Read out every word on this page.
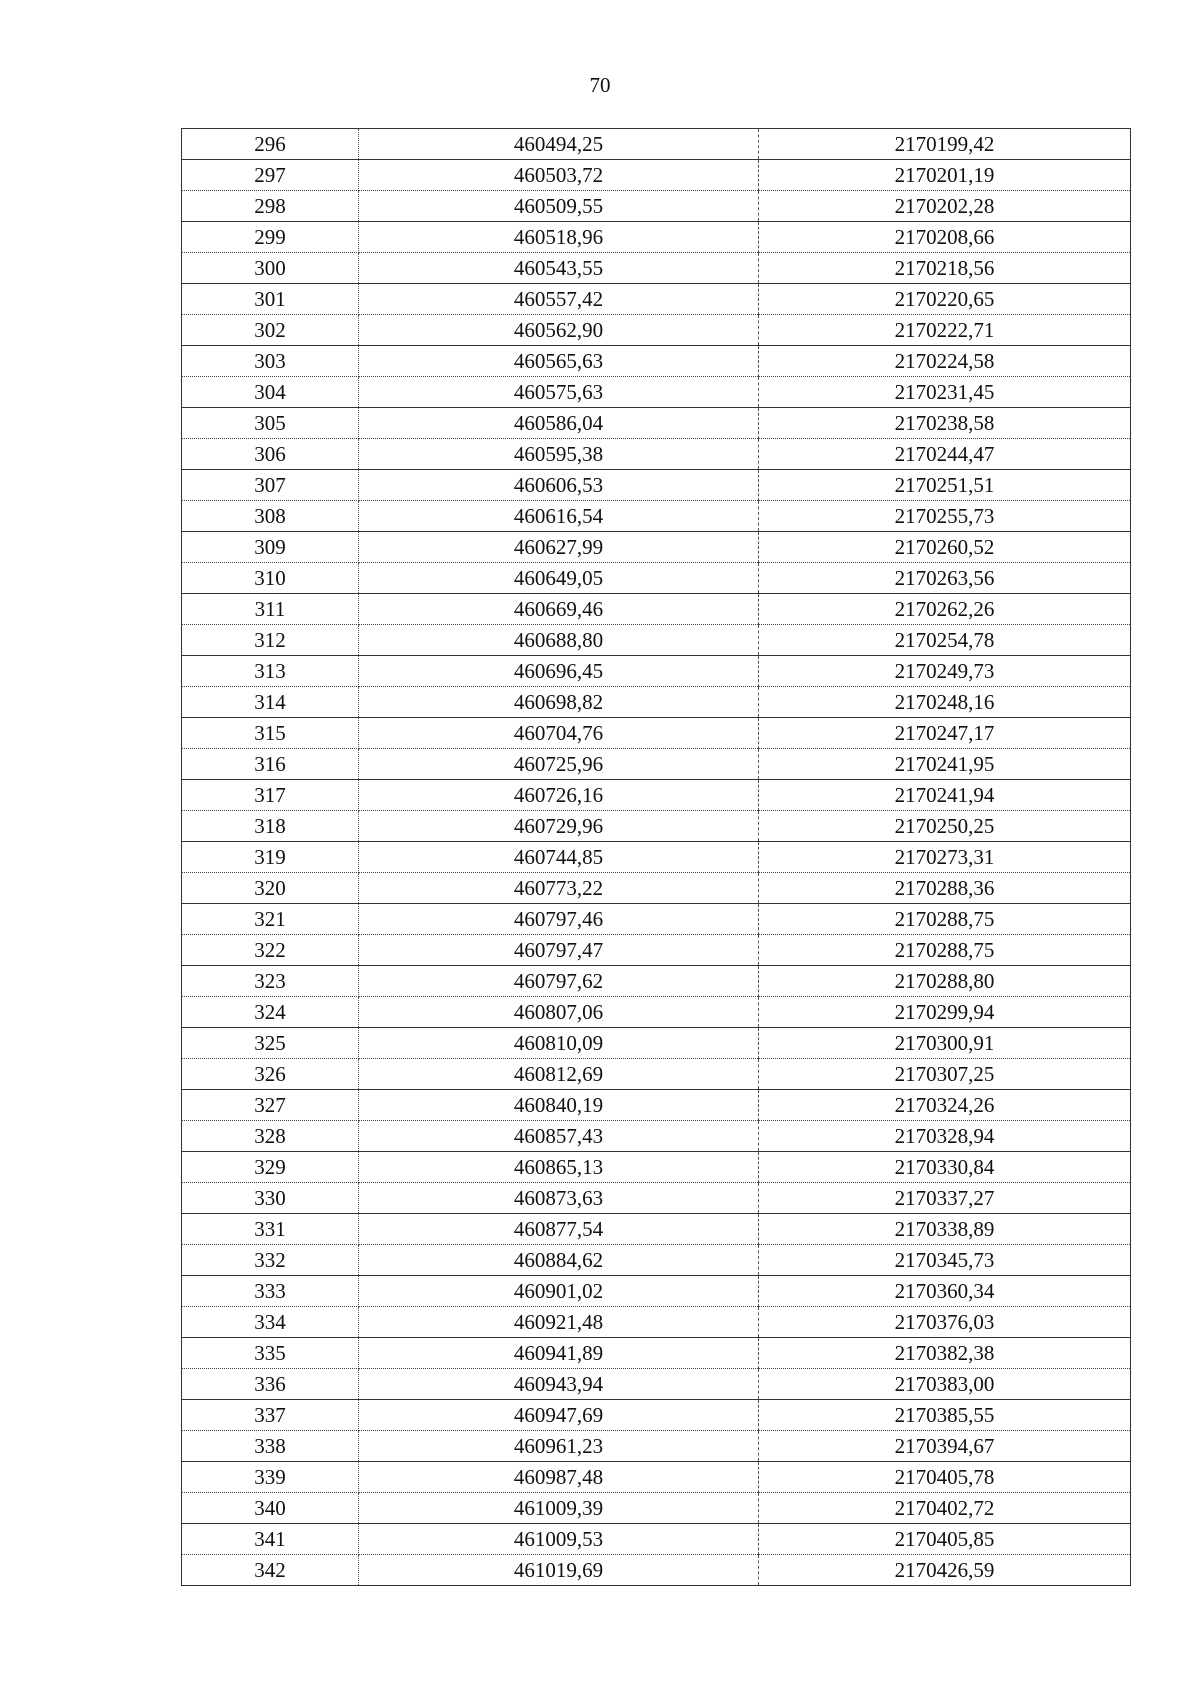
70
296	460494,25	2170199,42
297	460503,72	2170201,19
298	460509,55	2170202,28
299	460518,96	2170208,66
300	460543,55	2170218,56
301	460557,42	2170220,65
302	460562,90	2170222,71
303	460565,63	2170224,58
304	460575,63	2170231,45
305	460586,04	2170238,58
306	460595,38	2170244,47
307	460606,53	2170251,51
308	460616,54	2170255,73
309	460627,99	2170260,52
310	460649,05	2170263,56
311	460669,46	2170262,26
312	460688,80	2170254,78
313	460696,45	2170249,73
314	460698,82	2170248,16
315	460704,76	2170247,17
316	460725,96	2170241,95
317	460726,16	2170241,94
318	460729,96	2170250,25
319	460744,85	2170273,31
320	460773,22	2170288,36
321	460797,46	2170288,75
322	460797,47	2170288,75
323	460797,62	2170288,80
324	460807,06	2170299,94
325	460810,09	2170300,91
326	460812,69	2170307,25
327	460840,19	2170324,26
328	460857,43	2170328,94
329	460865,13	2170330,84
330	460873,63	2170337,27
331	460877,54	2170338,89
332	460884,62	2170345,73
333	460901,02	2170360,34
334	460921,48	2170376,03
335	460941,89	2170382,38
336	460943,94	2170383,00
337	460947,69	2170385,55
338	460961,23	2170394,67
339	460987,48	2170405,78
340	461009,39	2170402,72
341	461009,53	2170405,85
342	461019,69	2170426,59
